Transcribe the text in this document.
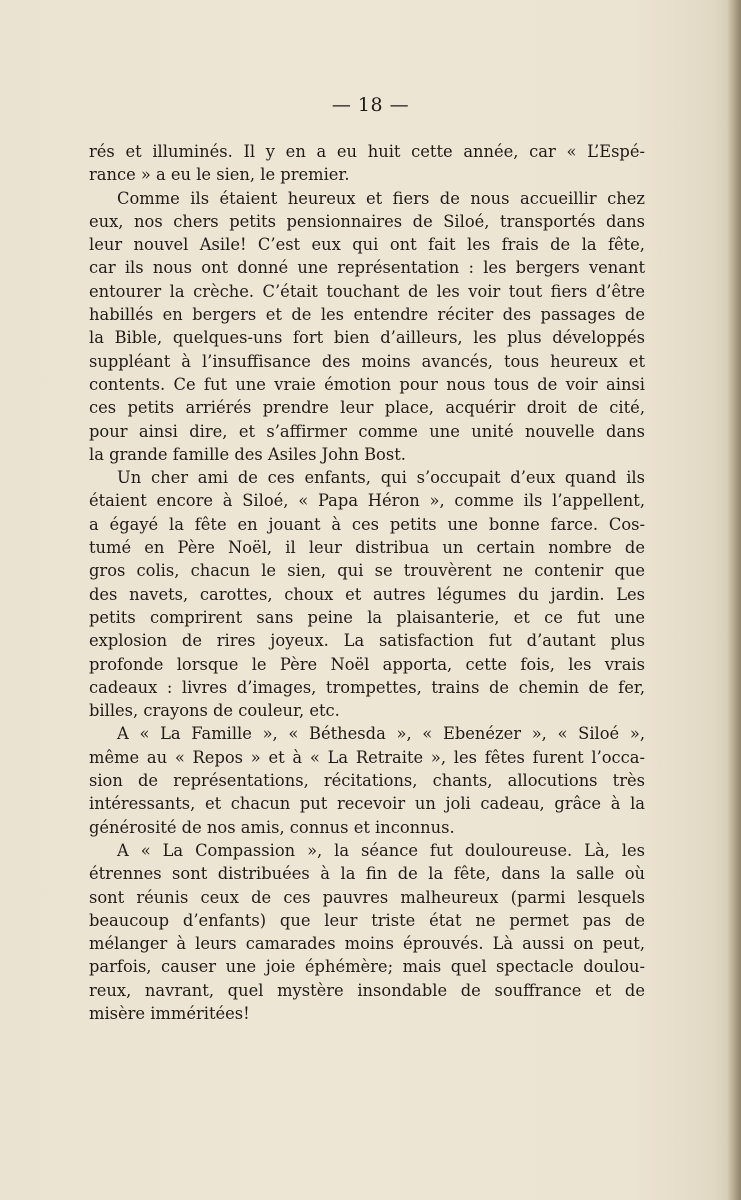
— 18 —
rés et illuminés. Il y en a eu huit cette année, car « L’Espé-
rance » a eu le sien, le premier.
Comme ils étaient heureux et fiers de nous accueillir chez
eux, nos chers petits pensionnaires de Siloé, transportés dans
leur nouvel Asile! C’est eux qui ont fait les frais de la fête,
car ils nous ont donné une représentation : les bergers venant
entourer la crèche. C’était touchant de les voir tout fiers d’être
habillés en bergers et de les entendre réciter des passages de
la Bible, quelques-uns fort bien d’ailleurs, les plus développés
suppléant à l’insuffisance des moins avancés, tous heureux et
contents. Ce fut une vraie émotion pour nous tous de voir ainsi
ces petits arriérés prendre leur place, acquérir droit de cité,
pour ainsi dire, et s’affirmer comme une unité nouvelle dans
la grande famille des Asiles John Bost.
Un cher ami de ces enfants, qui s’occupait d’eux quand ils
étaient encore à Siloé, « Papa Héron », comme ils l’appellent,
a égayé la fête en jouant à ces petits une bonne farce. Cos-
tumé en Père Noël, il leur distribua un certain nombre de
gros colis, chacun le sien, qui se trouvèrent ne contenir que
des navets, carottes, choux et autres légumes du jardin. Les
petits comprirent sans peine la plaisanterie, et ce fut une
explosion de rires joyeux. La satisfaction fut d’autant plus
profonde lorsque le Père Noël apporta, cette fois, les vrais
cadeaux : livres d’images, trompettes, trains de chemin de fer,
billes, crayons de couleur, etc.
A « La Famille », « Béthesda », « Ebenézer », « Siloé »,
même au « Repos » et à « La Retraite », les fêtes furent l’occa-
sion de représentations, récitations, chants, allocutions très
intéressants, et chacun put recevoir un joli cadeau, grâce à la
générosité de nos amis, connus et inconnus.
A « La Compassion », la séance fut douloureuse. Là, les
étrennes sont distribuées à la fin de la fête, dans la salle où
sont réunis ceux de ces pauvres malheureux (parmi lesquels
beaucoup d’enfants) que leur triste état ne permet pas de
mélanger à leurs camarades moins éprouvés. Là aussi on peut,
parfois, causer une joie éphémère; mais quel spectacle doulou-
reux, navrant, quel mystère insondable de souffrance et de
misère imméritées!
